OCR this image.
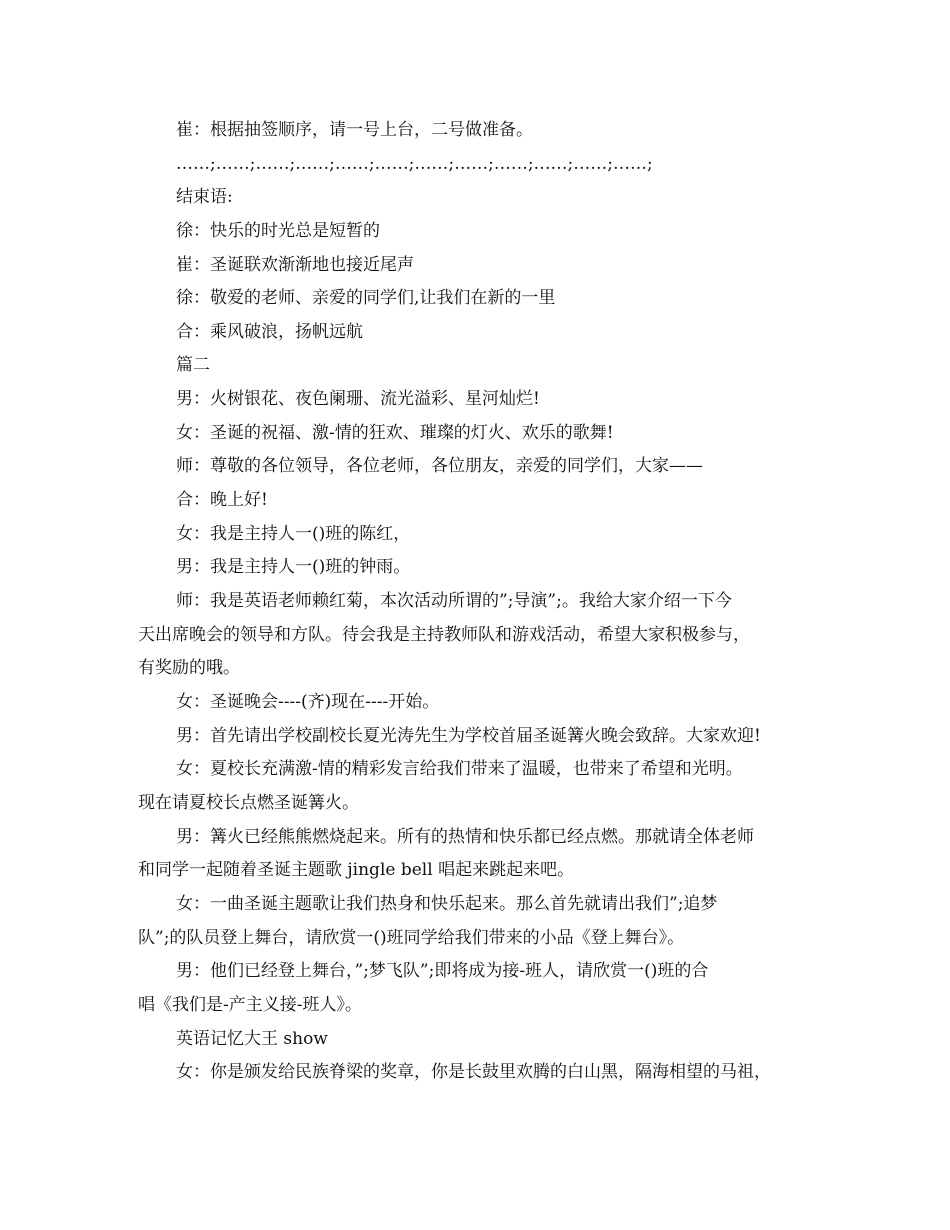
崔：根据抽签顺序，请一号上台，二号做准备。
……;……;……;……;……;……;……;……;……;……;……;……;
结束语:
徐：快乐的时光总是短暂的
崔：圣诞联欢渐渐地也接近尾声
徐：敬爱的老师、亲爱的同学们,让我们在新的一里
合：乘风破浪，扬帆远航
篇二
男：火树银花、夜色阑珊、流光溢彩、星河灿烂!
女：圣诞的祝福、激-情的狂欢、璀璨的灯火、欢乐的歌舞!
师：尊敬的各位领导，各位老师，各位朋友，亲爱的同学们，大家——
合：晚上好!
女：我是主持人一()班的陈红，
男：我是主持人一()班的钟雨。
师：我是英语老师赖红菊，本次活动所谓的”;导演”;。我给大家介绍一下今
天出席晚会的领导和方队。待会我是主持教师队和游戏活动，希望大家积极参与，
有奖励的哦。
女：圣诞晚会----(齐)现在----开始。
男：首先请出学校副校长夏光涛先生为学校首届圣诞篝火晚会致辞。大家欢迎!
女：夏校长充满激-情的精彩发言给我们带来了温暖，也带来了希望和光明。
现在请夏校长点燃圣诞篝火。
男：篝火已经熊熊燃烧起来。所有的热情和快乐都已经点燃。那就请全体老师
和同学一起随着圣诞主题歌 jingle bell 唱起来跳起来吧。
女：一曲圣诞主题歌让我们热身和快乐起来。那么首先就请出我们”;追梦
队”;的队员登上舞台，请欣赏一()班同学给我们带来的小品《登上舞台》。
男：他们已经登上舞台，”;梦飞队”;即将成为接-班人，请欣赏一()班的合
唱《我们是-产主义接-班人》。
英语记忆大王 show
女：你是颁发给民族脊梁的奖章，你是长鼓里欢腾的白山黑，隔海相望的马祖，
